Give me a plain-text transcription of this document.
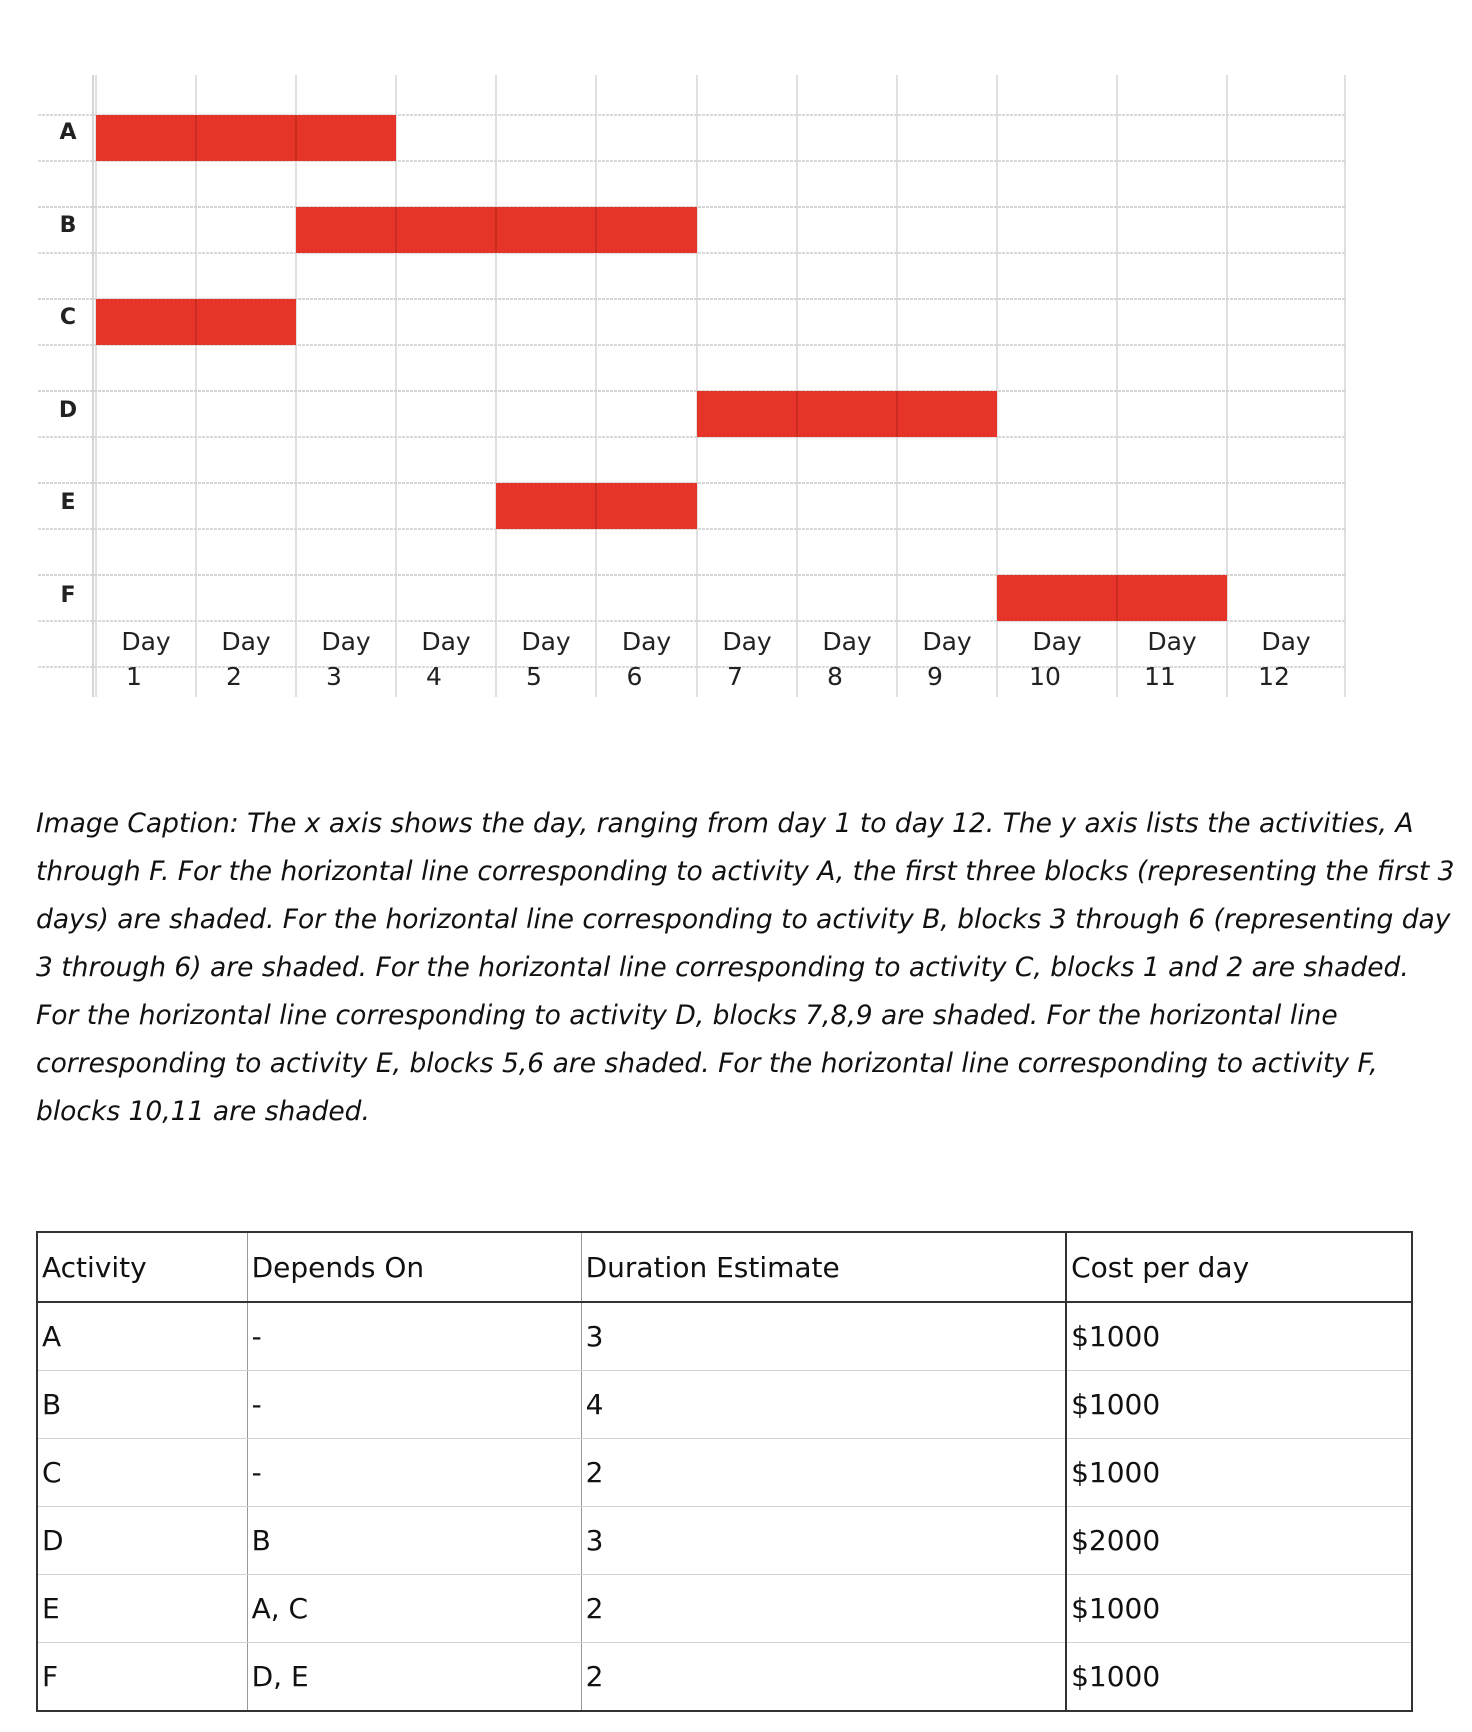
A
B
C
D
E
F
Day
1
Day
2
Day
3
Day
4
Day
5
Day
6
Day
7
Day
8
Day
9
Day
10
Day
11
Day
12

Image Caption: The x axis shows the day, ranging from day 1 to day 12. The y axis lists the activities, A through F. For the horizontal line corresponding to activity A, the first three blocks (representing the first 3 days) are shaded. For the horizontal line corresponding to activity B, blocks 3 through 6 (representing day 3 through 6) are shaded. For the horizontal line corresponding to activity C, blocks 1 and 2 are shaded. For the horizontal line corresponding to activity D, blocks 7,8,9 are shaded. For the horizontal line corresponding to activity E, blocks 5,6 are shaded. For the horizontal line corresponding to activity F, blocks 10,11 are shaded.

Activity	Depends On	Duration Estimate	Cost per day
A	-	3	$1000
B	-	4	$1000
C	-	2	$1000
D	B	3	$2000
E	A, C	2	$1000
F	D, E	2	$1000
